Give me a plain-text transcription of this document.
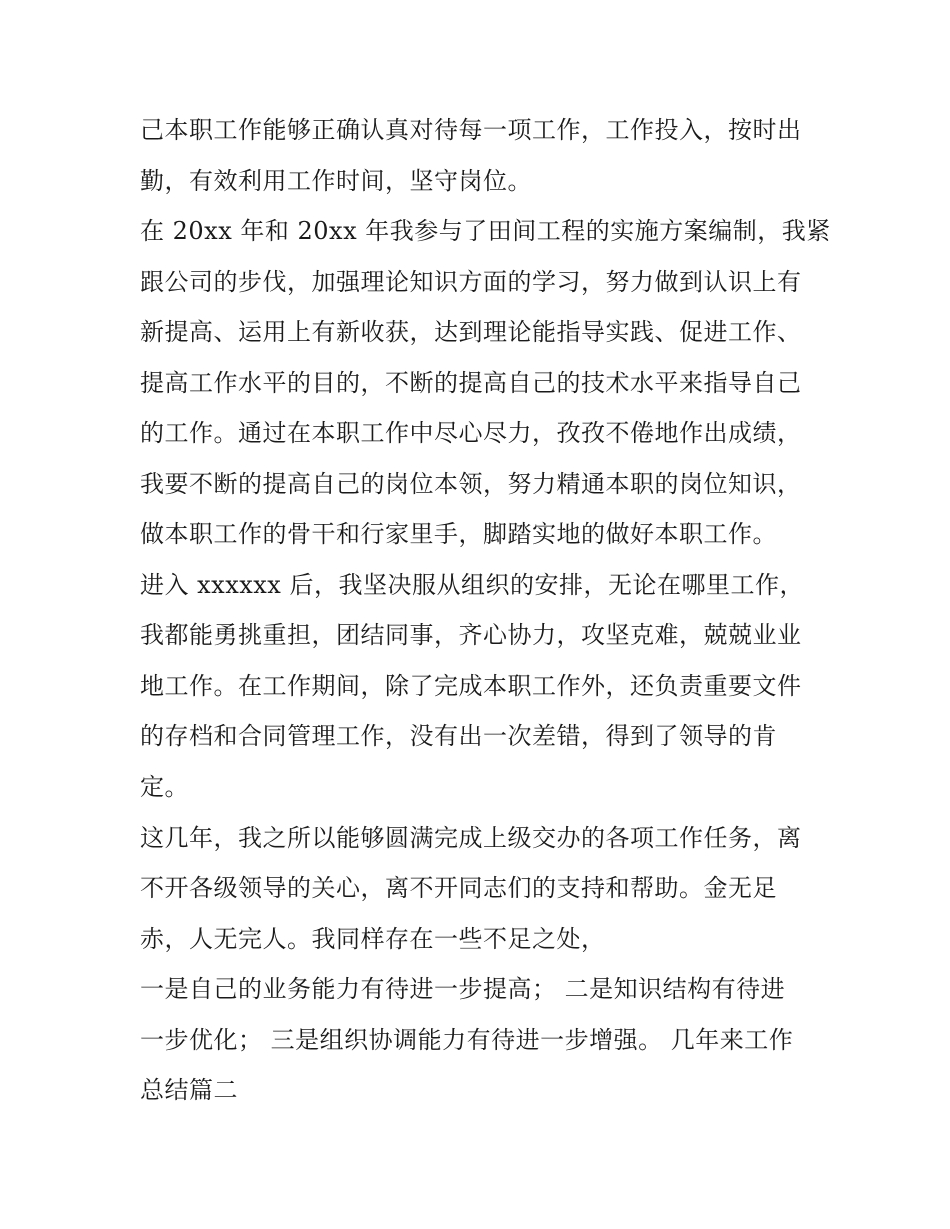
己本职工作能够正确认真对待每一项工作，工作投入，按时出

勤，有效利用工作时间，坚守岗位。

在 20xx 年和 20xx 年我参与了田间工程的实施方案编制，我紧

跟公司的步伐，加强理论知识方面的学习，努力做到认识上有

新提高、运用上有新收获，达到理论能指导实践、促进工作、

提高工作水平的目的，不断的提高自己的技术水平来指导自己

的工作。通过在本职工作中尽心尽力，孜孜不倦地作出成绩，

我要不断的提高自己的岗位本领，努力精通本职的岗位知识，

做本职工作的骨干和行家里手，脚踏实地的做好本职工作。

进入 xxxxxx 后，我坚决服从组织的安排，无论在哪里工作，

我都能勇挑重担，团结同事，齐心协力，攻坚克难，兢兢业业

地工作。在工作期间，除了完成本职工作外，还负责重要文件

的存档和合同管理工作，没有出一次差错，得到了领导的肯

定。

这几年，我之所以能够圆满完成上级交办的各项工作任务，离

不开各级领导的关心，离不开同志们的支持和帮助。金无足

赤，人无完人。我同样存在一些不足之处，

一是自己的业务能力有待进一步提高； 二是知识结构有待进

一步优化； 三是组织协调能力有待进一步增强。 几年来工作

总结篇二
